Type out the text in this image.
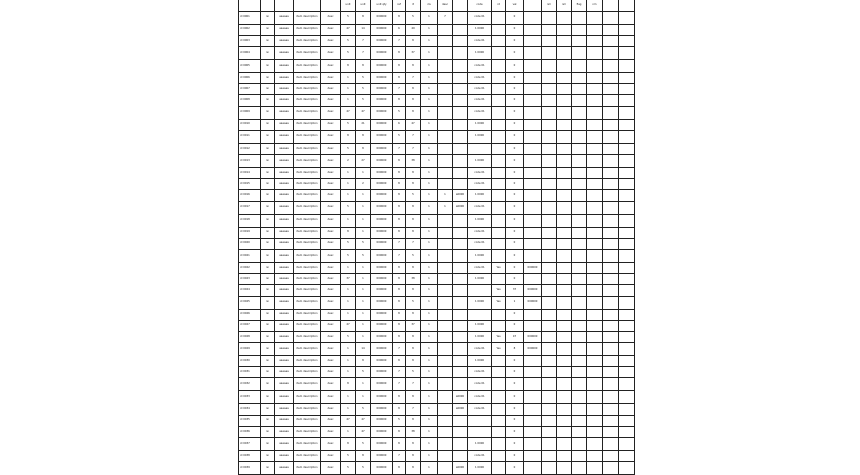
					unit	unit	unit qty	ref	rt	cls	desc		code	nt	val		nm	nm	flag	nm		
id 0001	nn	aaaaaa	item description	desc	5	8	000000	8	5	1	7		code 01		0							
id 0002	nn	aaaaaa	item description	desc	47	14	000000	6	49	1			1 0000		0							
id 0003	nn	aaaaaa	item description	desc	5	7	000000	7	8	1			code 01		0							
id 0004	nn	aaaaaa	item description	desc	5	7	000000	8	37	1			1 0000		0							
id 0005	nn	aaaaaa	item description	desc	8	8	000000	8	8	1			code 01		0							
id 0006	nn	aaaaaa	item description	desc	1	5	000000	8	7	1			code 01		0							
id 0007	nn	aaaaaa	item description	desc	1	5	000000	7	8	1			code 01		0							
id 0008	nn	aaaaaa	item description	desc	1	5	000000	8	8	1			code 01		0							
id 0009	nn	aaaaaa	item description	desc	47	47	000000	5	8	1			code 01		0							
id 0010	nn	aaaaaa	item description	desc	5	21	000000	6	47	1			1 0000		0							
id 0011	nn	aaaaaa	item description	desc	8	8	000000	5	7	1			1 0000		0							
id 0012	nn	aaaaaa	item description	desc	5	8	000000	7	7	1					0							
id 0013	nn	aaaaaa	item description	desc	2	27	000000	8	38	1			1 0000		0							
id 0014	nn	aaaaaa	item description	desc	1	1	000000	8	8	1			code 01		0							
id 0015	nn	aaaaaa	item description	desc	1	2	000000	8	8	1			code 01		0							
id 0016	nn	aaaaaa	item description	desc	1	1	000000	8	5	1	1	a0000	1 0000		0							
id 0017	nn	aaaaaa	item description	desc	5	1	000000	8	8	1	1	a0000	code 01		0							
id 0018	nn	aaaaaa	item description	desc	1	1	000000	8	8	1			1 0000		0							
id 0019	nn	aaaaaa	item description	desc	8	1	000000	8	8	1			code 01		0							
id 0020	nn	aaaaaa	item description	desc	5	5	000000	7	7	1			code 01		0							
id 0021	nn	aaaaaa	item description	desc	5	5	000000	7	5	1			1 0000		0							
id 0022	nn	aaaaaa	item description	desc	1	1	000000	8	8	1			code 01	Yes	0	000000						
id 0023	nn	aaaaaa	item description	desc	37	1	000000	8	38	1			1 0000		0							
id 0024	nn	aaaaaa	item description	desc	1	1	000000	8	8	1				Yes	37	000000						
id 0025	nn	aaaaaa	item description	desc	1	1	000000	8	5	1			1 0000	Yes	1	000000						
id 0026	nn	aaaaaa	item description	desc	1	1	000000	8	8	1					0							
id 0027	nn	aaaaaa	item description	desc	47	1	000000	8	37	1			1 0000		0							
id 0028	nn	aaaaaa	item description	desc	5	1	000000	8	8	1			1 0000	Yes	47	000000						
id 0029	nn	aaaaaa	item description	desc	1	14	000000	7	8	1			code 01	Yes	8	000000						
id 0030	nn	aaaaaa	item description	desc	1	8	000000	8	8	1			1 0000		0							
id 0031	nn	aaaaaa	item description	desc	1	5	000000	7	5	1			code 01		0							
id 0032	nn	aaaaaa	item description	desc	8	1	000000	7	7	1			code 01		0							
id 0033	nn	aaaaaa	item description	desc	1	1	000000	8	8	1		a0000	code 01		0							
id 0034	nn	aaaaaa	item description	desc	1	5	000000	8	7	1		a0000	code 01		0							
id 0035	nn	aaaaaa	item description	desc	47	47	000000	5	8	1					0							
id 0036	nn	aaaaaa	item description	desc	1	47	000000	8	38	1					0							
id 0037	nn	aaaaaa	item description	desc	8	5	000000	8	8	1			1 0000		0							
id 0038	nn	aaaaaa	item description	desc	5	8	000000	7	8	1			code 01		0							
id 0039	nn	aaaaaa	item description	desc	5	5	000000	8	8	1		a0000	1 0000		0							
